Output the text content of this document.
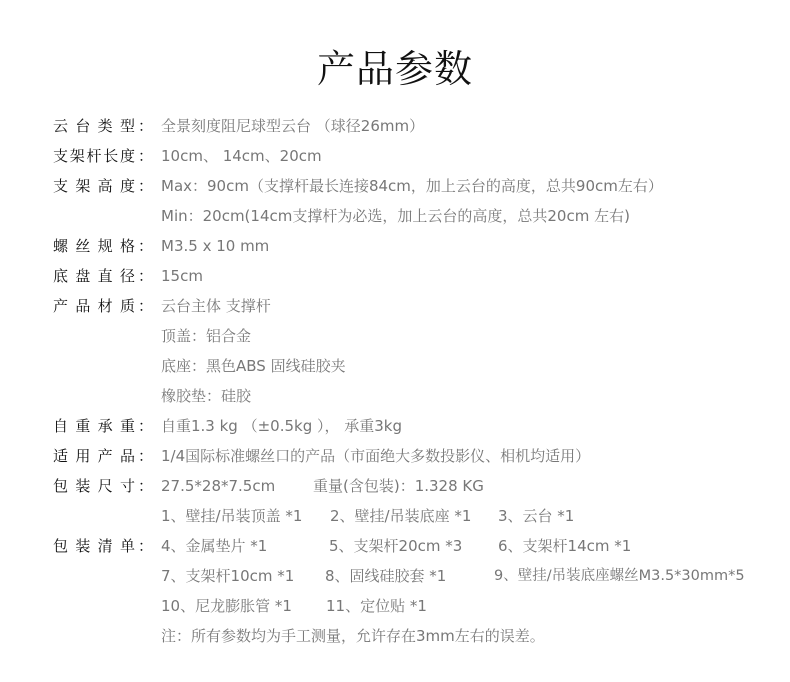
产品参数
云台类型 ： 全景刻度阻尼球型云台 （球径26mm）
支架杆长度 ： 10cm、 14cm、20cm
支架高度 ： Max：90cm（支撑杆最长连接84cm，加上云台的高度，总共90cm左右）
Min：20cm(14cm支撑杆为必选，加上云台的高度，总共20cm 左右)
螺丝规格 ： M3.5 x 10 mm
底盘直径 ： 15cm
产品材质 ： 云台主体 支撑杆
顶盖：铝合金
底座：黑色ABS 固线硅胶夹
橡胶垫：硅胶
自重承重 ： 自重1.3 kg （±0.5kg ）， 承重3kg
适用产品 ： 1/4国际标准螺丝口的产品（市面绝大多数投影仪、相机均适用）
包装尺寸 ： 27.5*28*7.5cm	重量(含包装)：1.328 KG
1、壁挂/吊装顶盖 *1 2、壁挂/吊装底座 *1 3、云台 *1
包装清单 ： 4、金属垫片 *1	5、支架杆20cm *3 6、支架杆14cm *1
7、支架杆10cm *1 8、固线硅胶套 *1	9、壁挂/吊装底座螺丝M3.5*30mm*5
10、尼龙膨胀管 *1 11、定位贴 *1
注：所有参数均为手工测量，允许存在3mm左右的误差。
